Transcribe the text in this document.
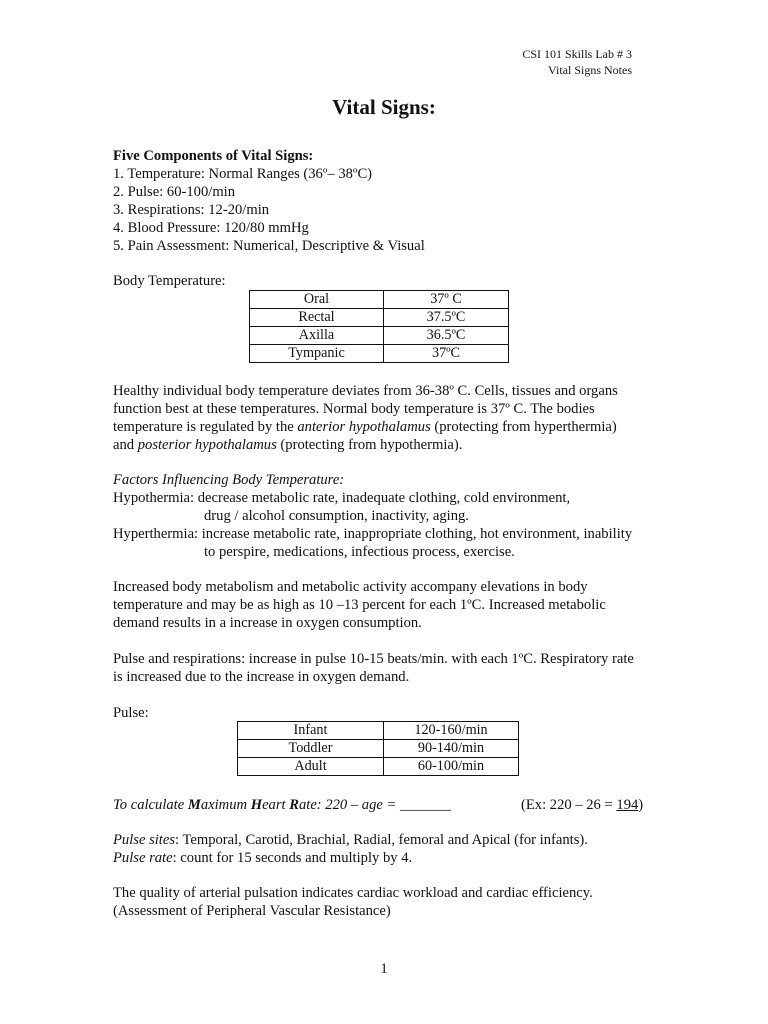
CSI 101 Skills Lab # 3
Vital Signs Notes
Vital Signs:
Five Components of Vital Signs:
1. Temperature: Normal Ranges (36º– 38ºC)
2. Pulse: 60-100/min
3. Respirations: 12-20/min
4. Blood Pressure: 120/80 mmHg
5. Pain Assessment: Numerical, Descriptive & Visual
Body Temperature:
Oral	37º C
Rectal	37.5ºC
Axilla	36.5ºC
Tympanic	37ºC
Healthy individual body temperature deviates from 36-38º C. Cells, tissues and organs
function best at these temperatures. Normal body temperature is 37º C. The bodies
temperature is regulated by the anterior hypothalamus (protecting from hyperthermia)
and posterior hypothalamus (protecting from hypothermia).
Factors Influencing Body Temperature:
Hypothermia: decrease metabolic rate, inadequate clothing, cold environment,
drug / alcohol consumption, inactivity, aging.
Hyperthermia: increase metabolic rate, inappropriate clothing, hot environment, inability
to perspire, medications, infectious process, exercise.
Increased body metabolism and metabolic activity accompany elevations in body
temperature and may be as high as 10 –13 percent for each 1ºC. Increased metabolic
demand results in a increase in oxygen consumption.
Pulse and respirations: increase in pulse 10-15 beats/min. with each 1ºC. Respiratory rate
is increased due to the increase in oxygen demand.
Pulse:
Infant	120-160/min
Toddler	90-140/min
Adult	60-100/min
To calculate Maximum Heart Rate: 220 – age = _______	(Ex: 220 – 26 = 194)
Pulse sites: Temporal, Carotid, Brachial, Radial, femoral and Apical (for infants).
Pulse rate: count for 15 seconds and multiply by 4.
The quality of arterial pulsation indicates cardiac workload and cardiac efficiency.
(Assessment of Peripheral Vascular Resistance)
1
